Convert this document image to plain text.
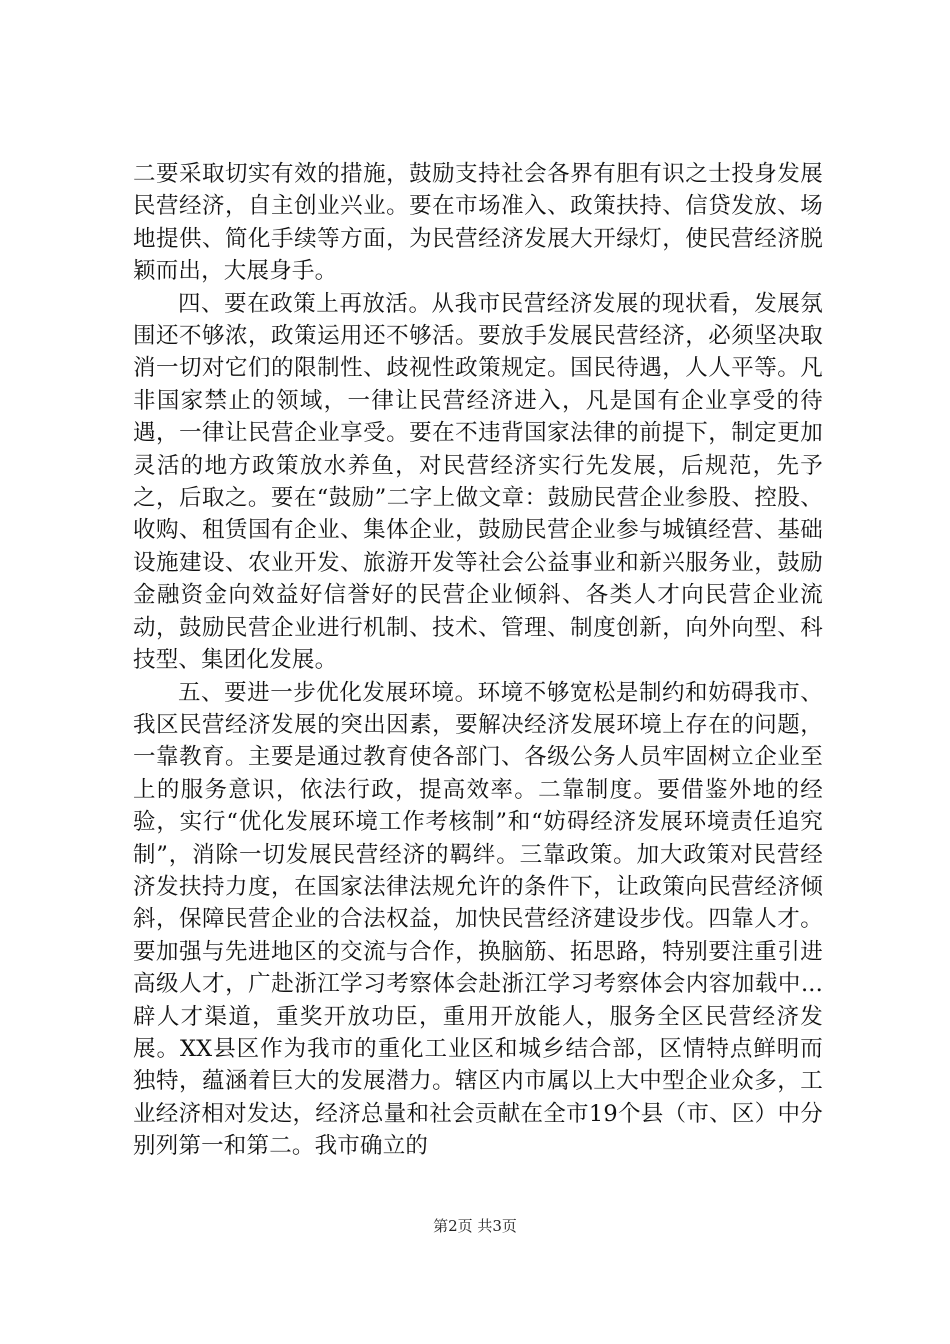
二要采取切实有效的措施，鼓励支持社会各界有胆有识之士投身发展民营经济，自主创业兴业。要在市场准入、政策扶持、信贷发放、场地提供、简化手续等方面，为民营经济发展大开绿灯，使民营经济脱颖而出，大展身手。

四、要在政策上再放活。从我市民营经济发展的现状看，发展氛围还不够浓，政策运用还不够活。要放手发展民营经济，必须坚决取消一切对它们的限制性、歧视性政策规定。国民待遇，人人平等。凡非国家禁止的领域，一律让民营经济进入，凡是国有企业享受的待遇，一律让民营企业享受。要在不违背国家法律的前提下，制定更加灵活的地方政策放水养鱼，对民营经济实行先发展，后规范，先予之，后取之。要在“鼓励”二字上做文章：鼓励民营企业参股、控股、收购、租赁国有企业、集体企业，鼓励民营企业参与城镇经营、基础设施建设、农业开发、旅游开发等社会公益事业和新兴服务业，鼓励金融资金向效益好信誉好的民营企业倾斜、各类人才向民营企业流动，鼓励民营企业进行机制、技术、管理、制度创新，向外向型、科技型、集团化发展。

五、要进一步优化发展环境。环境不够宽松是制约和妨碍我市、我区民营经济发展的突出因素，要解决经济发展环境上存在的问题，一靠教育。主要是通过教育使各部门、各级公务人员牢固树立企业至上的服务意识，依法行政，提高效率。二靠制度。要借鉴外地的经验，实行“优化发展环境工作考核制”和“妨碍经济发展环境责任追究制”，消除一切发展民营经济的羁绊。三靠政策。加大政策对民营经济发扶持力度，在国家法律法规允许的条件下，让政策向民营经济倾斜，保障民营企业的合法权益，加快民营经济建设步伐。四靠人才。要加强与先进地区的交流与合作，换脑筋、拓思路，特别要注重引进高级人才，广赴浙江学习考察体会赴浙江学习考察体会内容加载中...辟人才渠道，重奖开放功臣，重用开放能人，服务全区民营经济发展。XX县区作为我市的重化工业区和城乡结合部，区情特点鲜明而独特，蕴涵着巨大的发展潜力。辖区内市属以上大中型企业众多，工业经济相对发达，经济总量和社会贡献在全市19个县（市、区）中分别列第一和第二。我市确立的

第2页 共3页
